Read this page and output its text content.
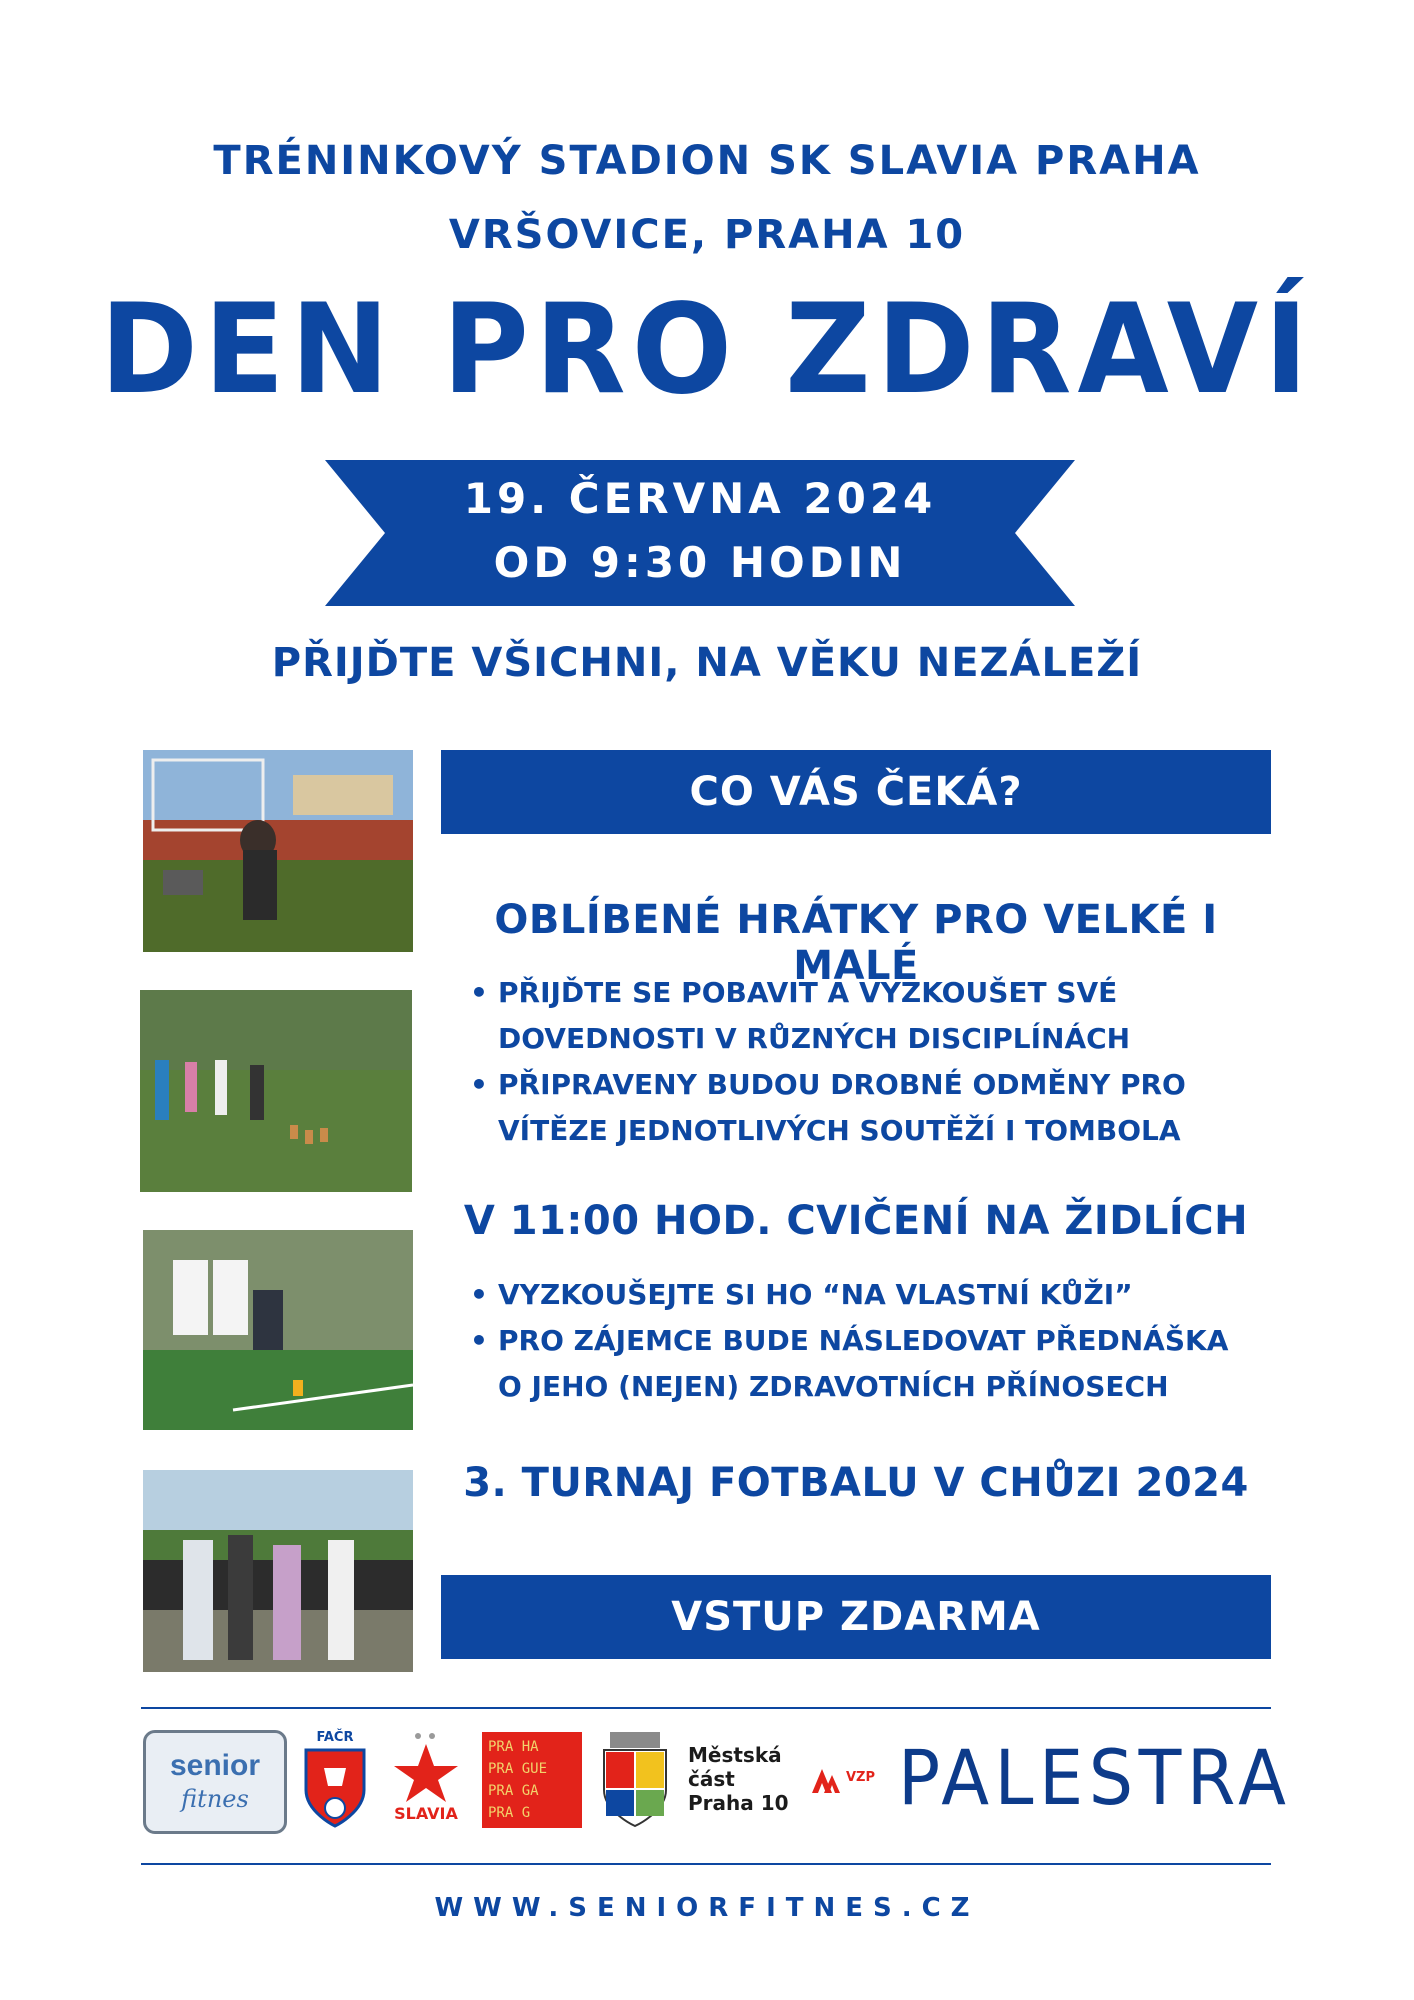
TRÉNINKOVÝ STADION SK SLAVIA PRAHA
VRŠOVICE, PRAHA 10
DEN PRO ZDRAVÍ
19. ČERVNA 2024
OD 9:30 HODIN
PŘIJĎTE VŠICHNI, NA VĚKU NEZÁLEŽÍ
CO VÁS ČEKÁ?
OBLÍBENÉ HRÁTKY PRO VELKÉ I MALÉ
• PŘIJĎTE SE POBAVIT A VYZKOUŠET SVÉ
DOVEDNOSTI V RŮZNÝCH DISCIPLÍNÁCH
• PŘIPRAVENY BUDOU DROBNÉ ODMĚNY PRO
VÍTĚZE JEDNOTLIVÝCH SOUTĚŽÍ I TOMBOLA
V 11:00 HOD. CVIČENÍ NA ŽIDLÍCH
• VYZKOUŠEJTE SI HO “NA VLASTNÍ KŮŽI”
• PRO ZÁJEMCE BUDE NÁSLEDOVAT PŘEDNÁŠKA
O JEHO (NEJEN) ZDRAVOTNÍCH PŘÍNOSECH
3. TURNAJ FOTBALU V CHŮZI 2024
VSTUP ZDARMA
senior
fitnes
FAČR
SLAVIA
PRA HA
PRA GUE
PRA GA
PRA G
Městská
část
Praha 10
VZP PALESTRA
WWW.SENIORFITNES.CZ
